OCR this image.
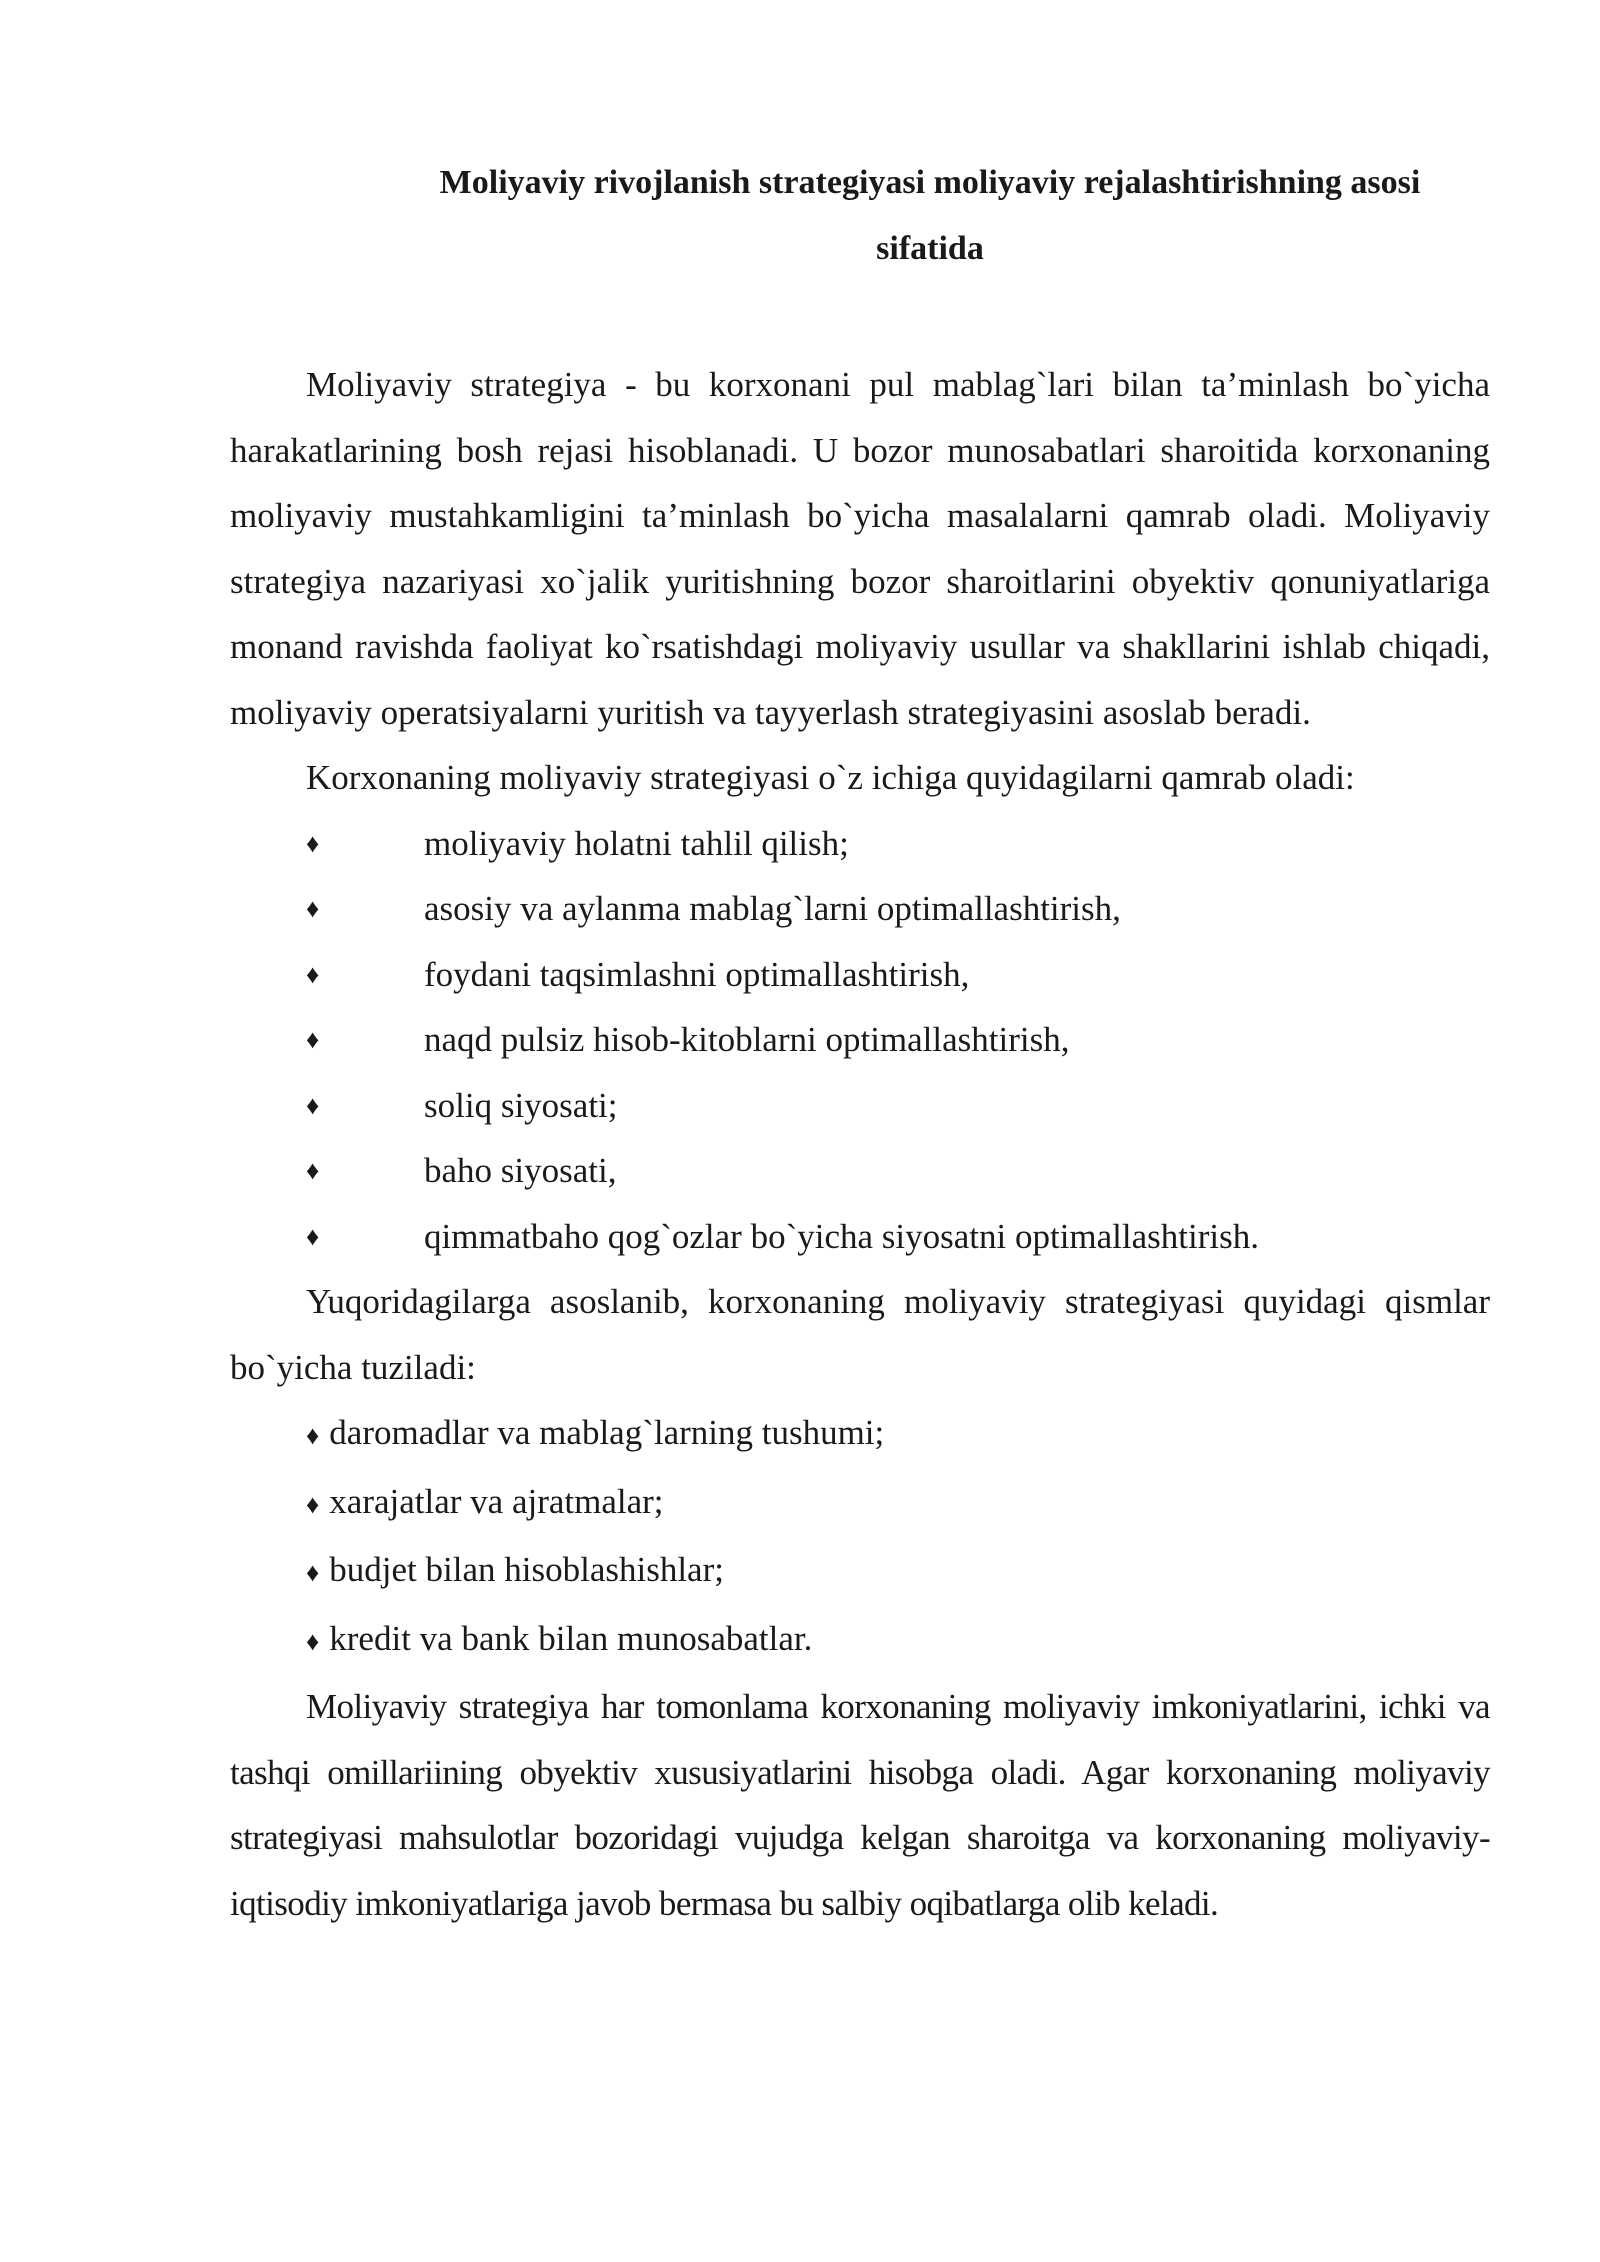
Moliyaviy rivojlanish strategiyasi moliyaviy rejalashtirishning asosi
sifatida

Moliyaviy strategiya - bu korxonani pul mablag`lari bilan ta’minlash bo`yicha harakatlarining bosh rejasi hisoblanadi. U bozor munosabatlari sharoitida korxonaning moliyaviy mustahkamligini ta’minlash bo`yicha masalalarni qamrab oladi. Moliyaviy strategiya nazariyasi xo`jalik yuritishning bozor sharoitlarini obyektiv qonuniyatlariga monand ravishda faoliyat ko`rsatishdagi moliyaviy usullar va shakllarini ishlab chiqadi, moliyaviy operatsiyalarni yuritish va tayyerlash strategiyasini asoslab beradi.

Korxonaning moliyaviy strategiyasi o`z ichiga quyidagilarni qamrab oladi:

♦	moliyaviy holatni tahlil qilish;
♦	asosiy va aylanma mablag`larni optimallashtirish,
♦	foydani taqsimlashni optimallashtirish,
♦	naqd pulsiz hisob-kitoblarni optimallashtirish,
♦	soliq siyosati;
♦	baho siyosati,
♦	qimmatbaho qog`ozlar bo`yicha siyosatni optimallashtirish.

Yuqoridagilarga asoslanib, korxonaning moliyaviy strategiyasi quyidagi qismlar bo`yicha tuziladi:

♦ daromadlar va mablag`larning tushumi;
♦ xarajatlar va ajratmalar;
♦ budjet bilan hisoblashishlar;
♦ kredit va bank bilan munosabatlar.

Moliyaviy strategiya har tomonlama korxonaning moliyaviy imkoniyatlarini, ichki va tashqi omillariining obyektiv xususiyatlarini hisobga oladi. Agar korxonaning moliyaviy strategiyasi mahsulotlar bozoridagi vujudga kelgan sharoitga va korxonaning moliyaviy-iqtisodiy imkoniyatlariga javob bermasa bu salbiy oqibatlarga olib keladi.
